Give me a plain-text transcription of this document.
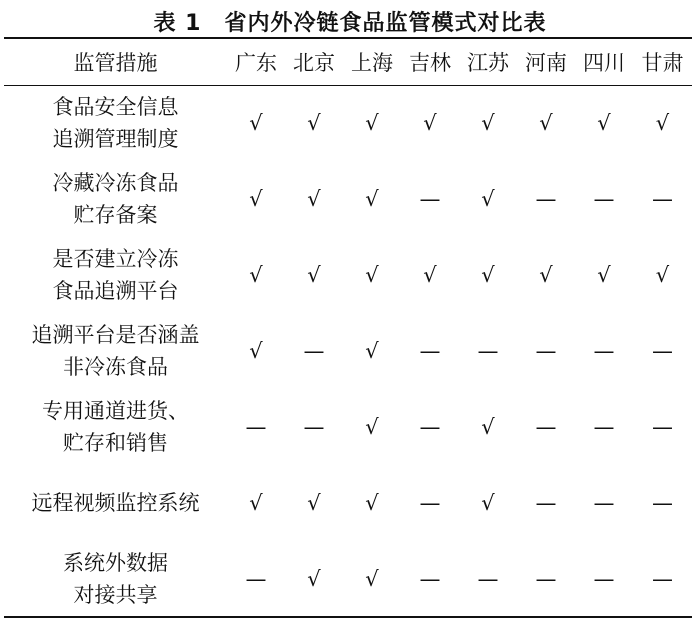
表 1　省内外冷链食品监管模式对比表
监管措施	广东	北京	上海	吉林	江苏	河南	四川	甘肃

食品安全信息
追溯管理制度	√	√	√	√	√	√	√	√

冷藏冷冻食品
贮存备案	√	√	√	—	√	—	—	—

是否建立冷冻
食品追溯平台	√	√	√	√	√	√	√	√

追溯平台是否涵盖
非冷冻食品	√	—	√	—	—	—	—	—

专用通道进货、
贮存和销售	—	—	√	—	√	—	—	—

远程视频监控系统	√	√	√	—	√	—	—	—

系统外数据
对接共享	—	√	√	—	—	—	—	—
